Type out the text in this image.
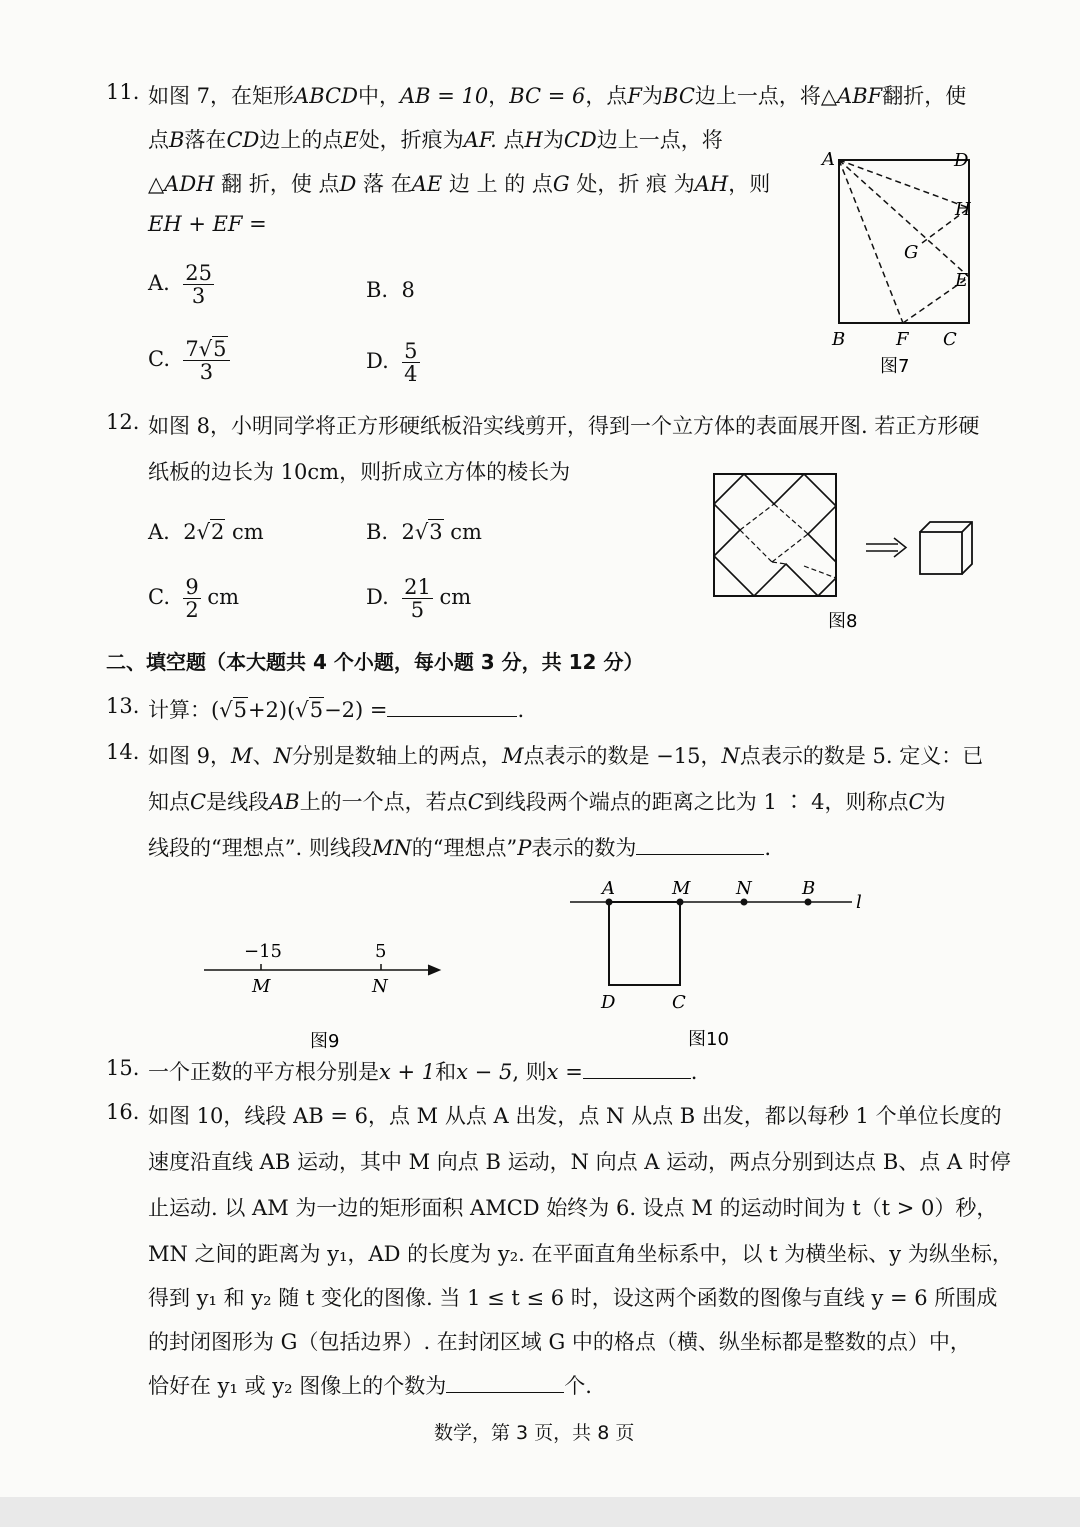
11. 如图 7，在矩形ABCD中，AB = 10，BC = 6，点F为BC边上一点，将△ABF翻折，使
点B落在CD边上的点E处，折痕为AF. 点H为CD边上一点，将
△ADH 翻 折，使 点D 落 在AE 边 上 的 点G 处，折 痕 为AH，则
EH + EF =
A. $\frac{25}{3}$	B. 8
C. $\frac{7√5}{3}$	D. $\frac{5}{4}$
A	D
H
G
E
B	F C
图7
12. 如图 8，小明同学将正方形硬纸板沿实线剪开，得到一个立方体的表面展开图. 若正方形硬
纸板的边长为 10cm，则折成立方体的棱长为
A. 2√2 cm	B. 2√3 cm
C. $\frac{9}{2}$ cm	D. $\frac{21}{5}$ cm
图8
二、填空题（本大题共 4 个小题，每小题 3 分，共 12 分）
13. 计算：(√5+2)(√5−2) =	.
14. 如图 9，M、N分别是数轴上的两点，M点表示的数是 −15，N点表示的数是 5. 定义：已
知点C是线段AB上的一个点，若点C到线段两个端点的距离之比为 1 ∶ 4，则称点C为
线段的“理想点”. 则线段MN的“理想点”P表示的数为	.
−15	5
M	N
图9
A	M	N	B
l
D	C
图10
15. 一个正数的平方根分别是x + 1和x − 5, 则x =	.
16. 如图 10，线段 AB = 6，点 M 从点 A 出发，点 N 从点 B 出发，都以每秒 1 个单位长度的
速度沿直线 AB 运动，其中 M 向点 B 运动，N 向点 A 运动，两点分别到达点 B、点 A 时停
止运动. 以 AM 为一边的矩形面积 AMCD 始终为 6. 设点 M 的运动时间为 t（t > 0）秒，
MN 之间的距离为 y₁，AD 的长度为 y₂. 在平面直角坐标系中，以 t 为横坐标、y 为纵坐标，
得到 y₁ 和 y₂ 随 t 变化的图像. 当 1 ≤ t ≤ 6 时，设这两个函数的图像与直线 y = 6 所围成
的封闭图形为 G（包括边界）. 在封闭区域 G 中的格点（横、纵坐标都是整数的点）中，
恰好在 y₁ 或 y₂ 图像上的个数为	个.
数学，第 3 页，共 8 页
